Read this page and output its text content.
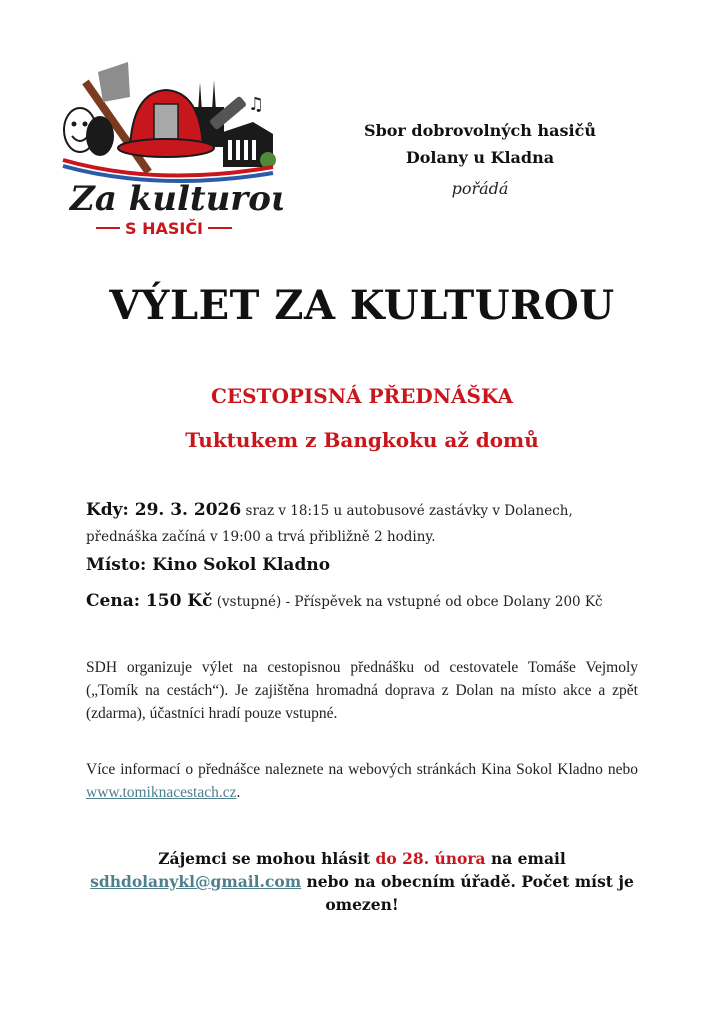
♫
Za kulturou
S HASIČI
Sbor dobrovolných hasičů
Dolany u Kladna
pořádá
VÝLET ZA KULTUROU
CESTOPISNÁ PŘEDNÁŠKA
Tuktukem z Bangkoku až domů
Kdy: 29. 3. 2026 sraz v 18:15 u autobusové zastávky v Dolanech,
přednáška začíná v 19:00 a trvá přibližně 2 hodiny.
Místo: Kino Sokol Kladno
Cena: 150 Kč (vstupné) - Příspěvek na vstupné od obce Dolany 200 Kč
SDH organizuje výlet na cestopisnou přednášku od cestovatele Tomáše Vejmoly („Tomík na cestách“). Je zajištěna hromadná doprava z Dolan na místo akce a zpět (zdarma), účastníci hradí pouze vstupné.
Více informací o přednášce naleznete na webových stránkách Kina Sokol Kladno nebo www.tomiknacestach.cz.
Zájemci se mohou hlásit do 28. února na email
sdhdolanykl@gmail.com nebo na obecním úřadě. Počet míst je omezen!
